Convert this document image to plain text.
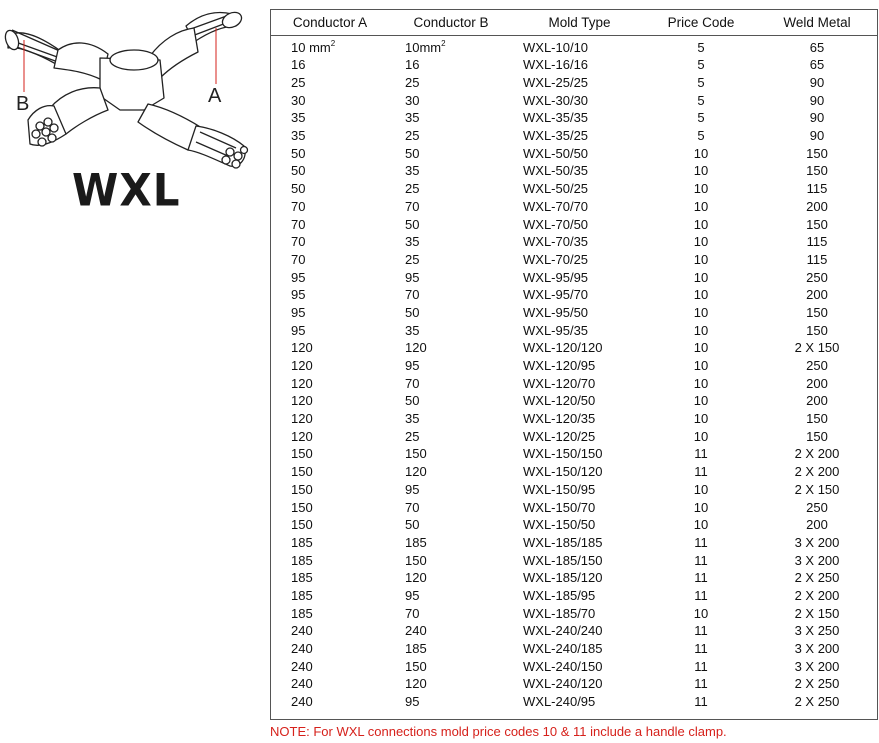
B	A
WXL
Conductor A	Conductor B	Mold Type	Price Code	Weld Metal
10 $mm^2$	$10mm^2$	WXL-10/10	5	65
16	16	WXL-16/16	5	65
25	25	WXL-25/25	5	90
30	30	WXL-30/30	5	90
35	35	WXL-35/35	5	90
35	25	WXL-35/25	5	90
50	50	WXL-50/50	10	150
50	35	WXL-50/35	10	150
50	25	WXL-50/25	10	115
70	70	WXL-70/70	10	200
70	50	WXL-70/50	10	150
70	35	WXL-70/35	10	115
70	25	WXL-70/25	10	115
95	95	WXL-95/95	10	250
95	70	WXL-95/70	10	200
95	50	WXL-95/50	10	150
95	35	WXL-95/35	10	150
120	120	WXL-120/120	10	2 X 150
120	95	WXL-120/95	10	250
120	70	WXL-120/70	10	200
120	50	WXL-120/50	10	200
120	35	WXL-120/35	10	150
120	25	WXL-120/25	10	150
150	150	WXL-150/150	11	2 X 200
150	120	WXL-150/120	11	2 X 200
150	95	WXL-150/95	10	2 X 150
150	70	WXL-150/70	10	250
150	50	WXL-150/50	10	200
185	185	WXL-185/185	11	3 X 200
185	150	WXL-185/150	11	3 X 200
185	120	WXL-185/120	11	2 X 250
185	95	WXL-185/95	11	2 X 200
185	70	WXL-185/70	10	2 X 150
240	240	WXL-240/240	11	3 X 250
240	185	WXL-240/185	11	3 X 200
240	150	WXL-240/150	11	3 X 200
240	120	WXL-240/120	11	2 X 250
240	95	WXL-240/95	11	2 X 250
NOTE: For WXL connections mold price codes 10 & 11 include a handle clamp.
